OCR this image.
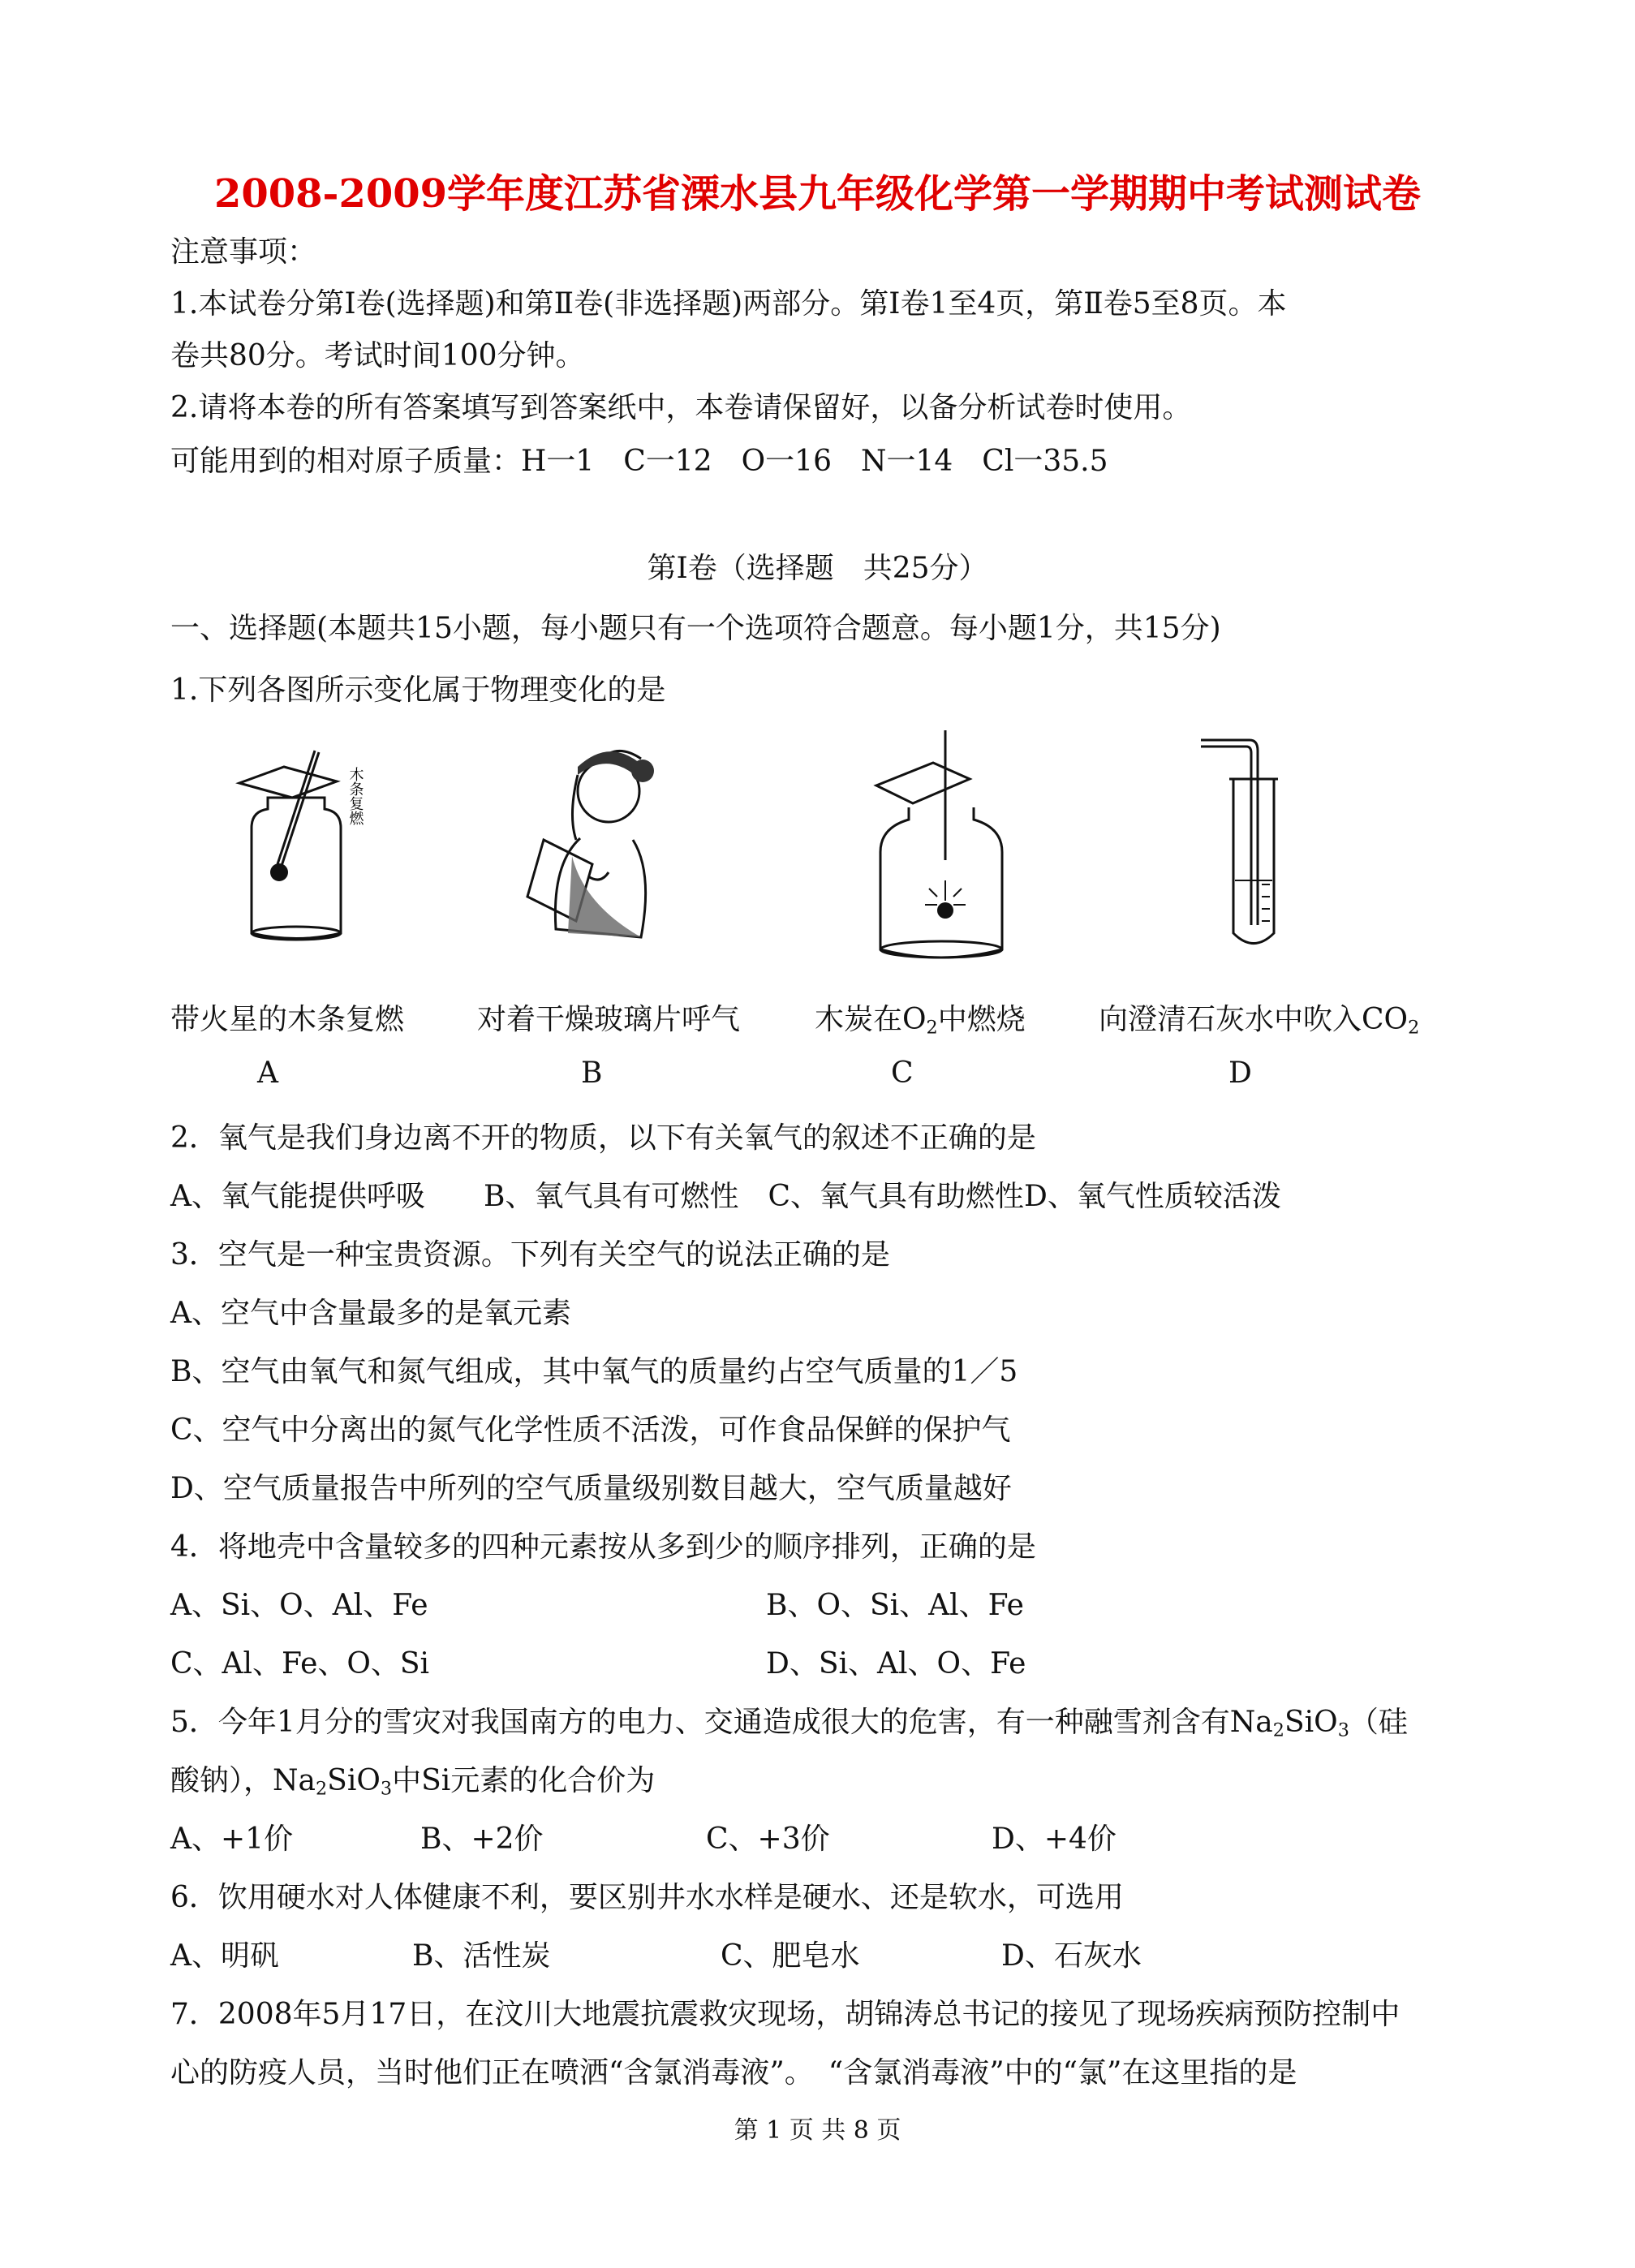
2008-2009学年度江苏省溧水县九年级化学第一学期期中考试测试卷
注意事项：
1.本试卷分第Ⅰ卷(选择题)和第Ⅱ卷(非选择题)两部分。第Ⅰ卷1至4页，第Ⅱ卷5至8页。本
卷共80分。考试时间100分钟。
2.请将本卷的所有答案填写到答案纸中，本卷请保留好，以备分析试卷时使用。
可能用到的相对原子质量：H一1　C一12　O一16　N一14　Cl一35.5
第Ⅰ卷（选择题　共25分）
一、选择题(本题共15小题，每小题只有一个选项符合题意。每小题1分，共15分)
1.下列各图所示变化属于物理变化的是
木条复燃
带火星的木条复燃 对着干燥玻璃片呼气	木炭在$O_2$中燃烧	向澄清石灰水中吹入$CO_2$
A	B	C	D
2．氧气是我们身边离不开的物质，以下有关氧气的叙述不正确的是
A、氧气能提供呼吸　　B、氧气具有可燃性　C、氧气具有助燃性D、氧气性质较活泼
3．空气是一种宝贵资源。下列有关空气的说法正确的是
A、空气中含量最多的是氧元素
B、空气由氧气和氮气组成，其中氧气的质量约占空气质量的1／5
C、空气中分离出的氮气化学性质不活泼，可作食品保鲜的保护气
D、空气质量报告中所列的空气质量级别数目越大，空气质量越好
4．将地壳中含量较多的四种元素按从多到少的顺序排列，正确的是
A、Si、O、Al、Fe	B、O、Si、Al、Fe
C、Al、Fe、O、Si	D、Si、Al、O、Fe
5．今年1月分的雪灾对我国南方的电力、交通造成很大的危害，有一种融雪剂含有$Na_2SiO_3$（硅
酸钠），$Na_2SiO_3$中Si元素的化合价为
A、+1价	B、+2价	C、+3价	D、+4价
6．饮用硬水对人体健康不利，要区别井水水样是硬水、还是软水，可选用
A、明矾	B、活性炭	C、肥皂水	D、石灰水
7．2008年5月17日，在汶川大地震抗震救灾现场，胡锦涛总书记的接见了现场疾病预防控制中
心的防疫人员，当时他们正在喷洒“含氯消毒液”。　“含氯消毒液”中的“氯”在这里指的是
第 1 页 共 8 页
